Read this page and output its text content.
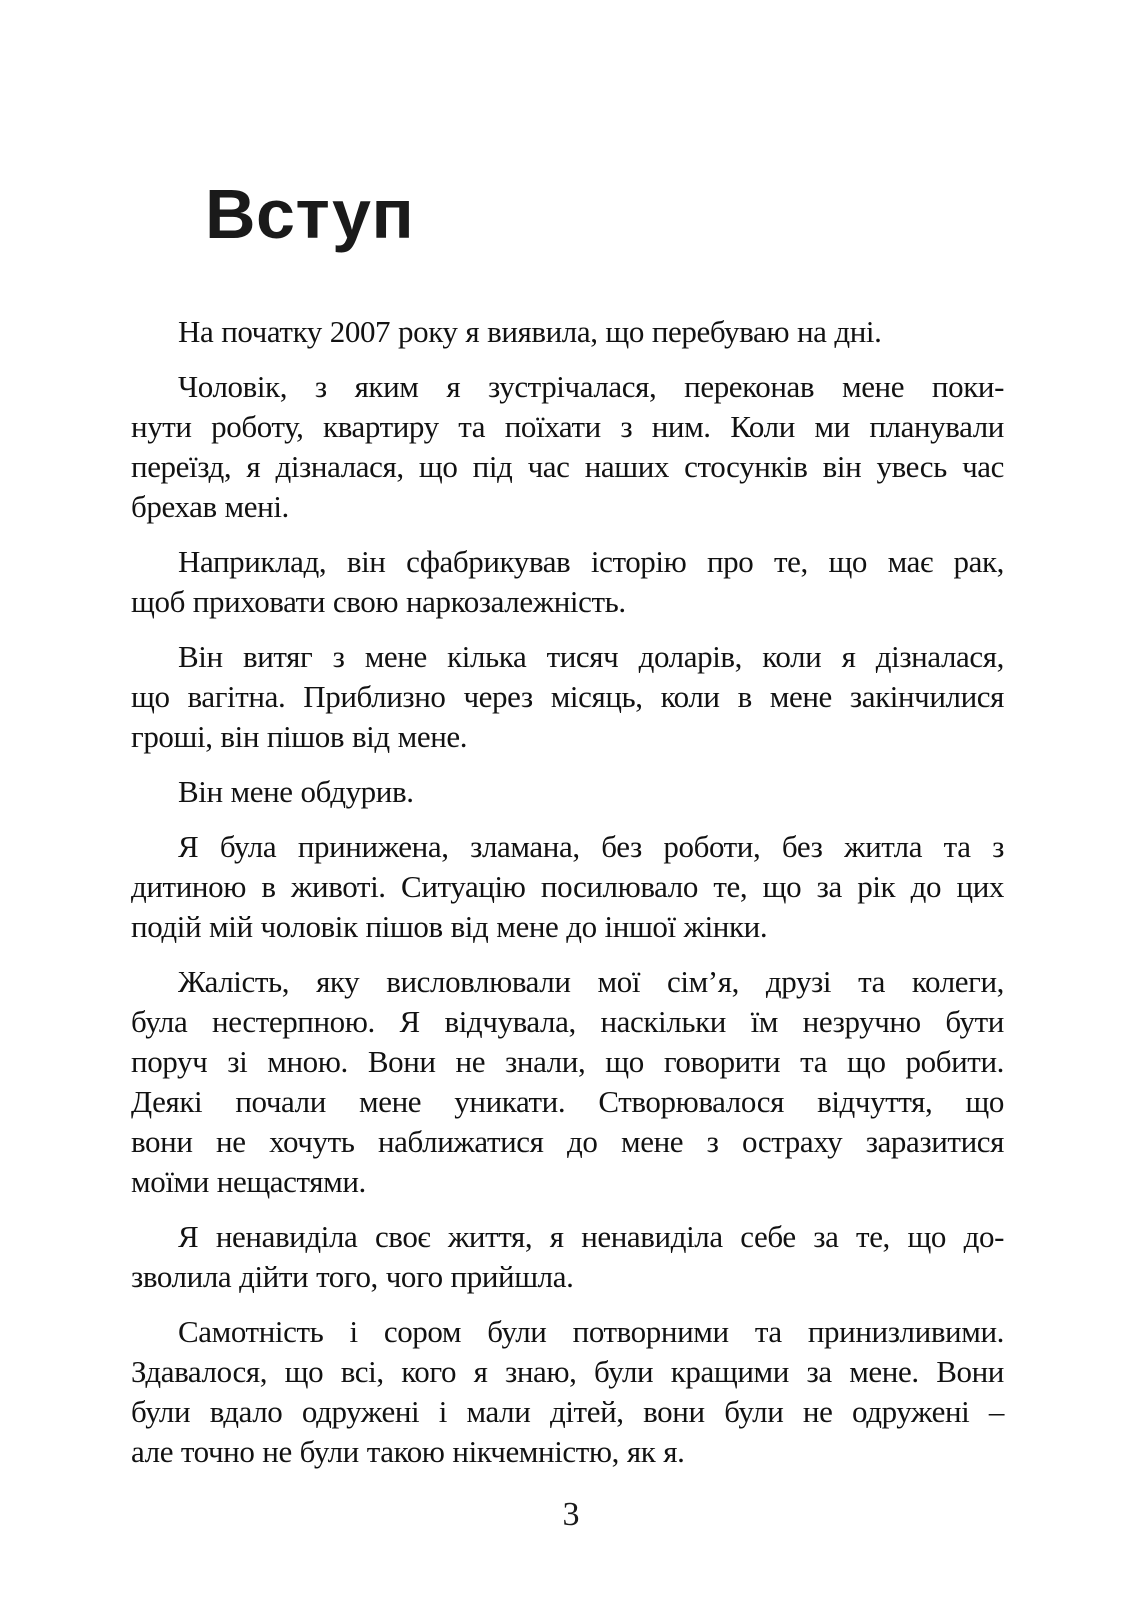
Вступ
На початку 2007 року я виявила, що перебуваю на дні.
Чоловік, з яким я зустрічалася, переконав мене поки-
нути роботу, квартиру та поїхати з ним. Коли ми планували
переїзд, я дізналася, що під час наших стосунків він увесь час
брехав мені.
Наприклад, він сфабрикував історію про те, що має рак,
щоб приховати свою наркозалежність.
Він витяг з мене кілька тисяч доларів, коли я дізналася,
що вагітна. Приблизно через місяць, коли в мене закінчилися
гроші, він пішов від мене.
Він мене обдурив.
Я була принижена, зламана, без роботи, без житла та з
дитиною в животі. Ситуацію посилювало те, що за рік до цих
подій мій чоловік пішов від мене до іншої жінки.
Жалість, яку висловлювали мої сім’я, друзі та колеги,
була нестерпною. Я відчувала, наскільки їм незручно бути
поруч зі мною. Вони не знали, що говорити та що робити.
Деякі почали мене уникати. Створювалося відчуття, що
вони не хочуть наближатися до мене з остраху заразитися
моїми нещастями.
Я ненавиділа своє життя, я ненавиділа себе за те, що до-
зволила дійти того, чого прийшла.
Самотність і сором були потворними та принизливими.
Здавалося, що всі, кого я знаю, були кращими за мене. Вони
були вдало одружені і мали дітей, вони були не одружені –
але точно не були такою нікчемністю, як я.
3
